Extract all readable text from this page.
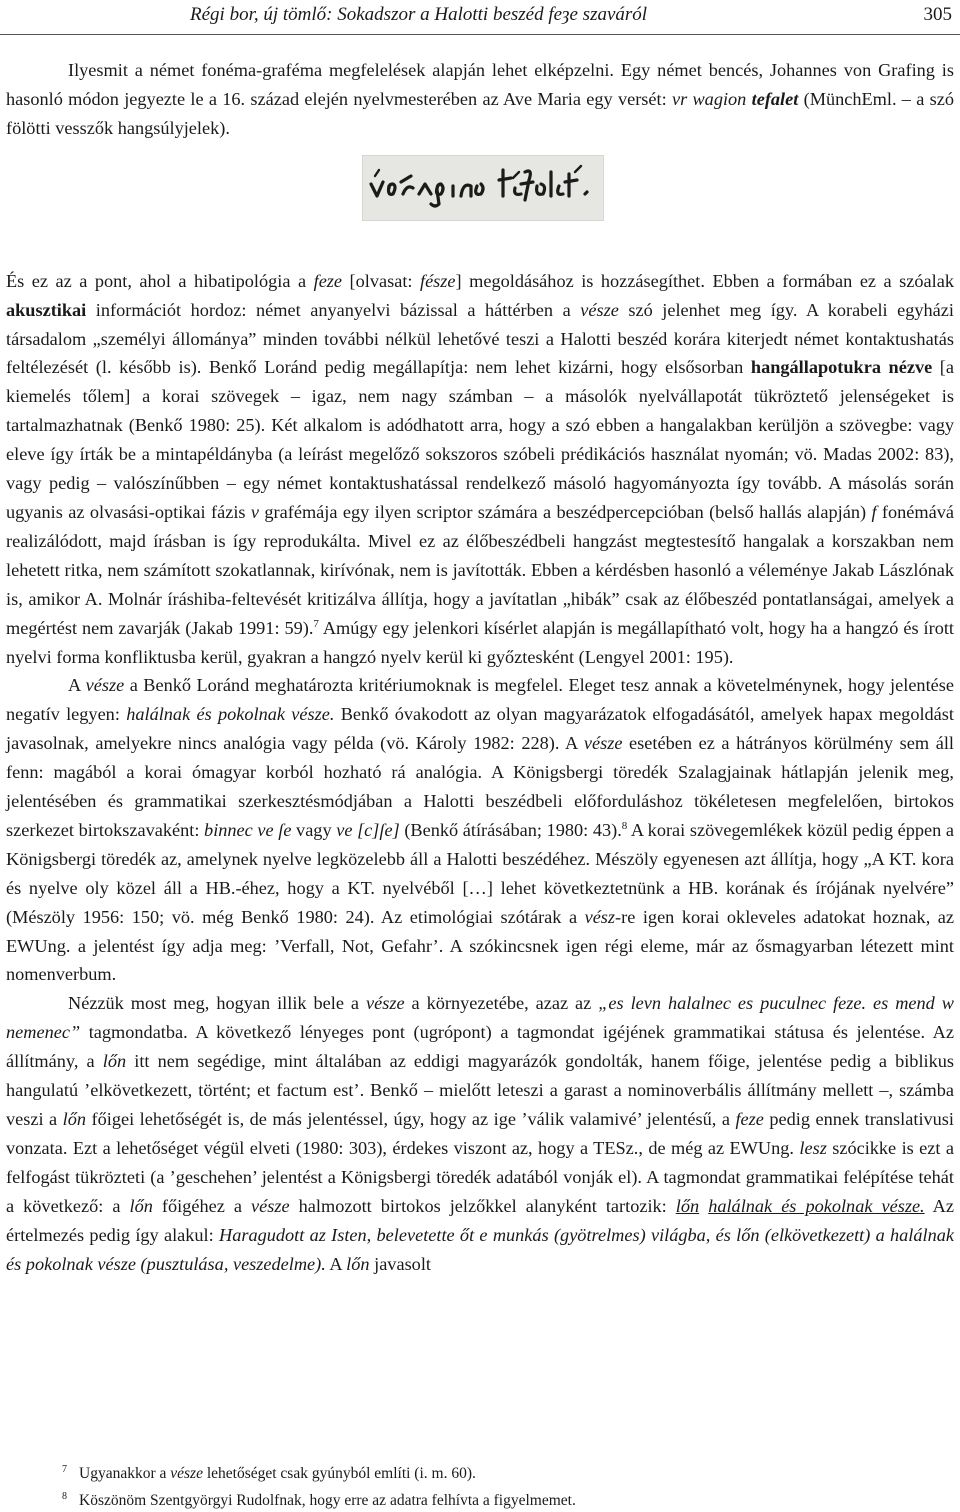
Régi bor, új tömlő: Sokadszor a Halotti beszéd feȝe szaváról	305

Ilyesmit a német fonéma-graféma megfelelések alapján lehet elképzelni. Egy német bencés, Johannes von Grafing is hasonló módon jegyezte le a 16. század elején nyelvmesterében az Ave Maria egy versét: vr wagion tefalet (MünchEml. – a szó fölötti vesszők hangsúlyjelek).

És ez az a pont, ahol a hibatipológia a feze [olvasat: fésze] megoldásához is hozzásegíthet. Ebben a formában ez a szóalak akusztikai információt hordoz: német anyanyelvi bázissal a háttérben a vésze szó jelenhet meg így. A korabeli egyházi társadalom „személyi állománya” minden további nélkül lehetővé teszi a Halotti beszéd korára kiterjedt német kontaktushatás feltélezését (l. később is). Benkő Loránd pedig megállapítja: nem lehet kizárni, hogy elsősorban hangállapotukra nézve [a kiemelés tőlem] a korai szövegek – igaz, nem nagy számban – a másolók nyelvállapotát tükröztető jelenségeket is tartalmazhatnak (Benkő 1980: 25). Két alkalom is adódhatott arra, hogy a szó ebben a hangalakban kerüljön a szövegbe: vagy eleve így írták be a mintapéldányba (a leírást megelőző sokszoros szóbeli prédikációs használat nyomán; vö. Madas 2002: 83), vagy pedig – valószínűbben – egy német kontaktushatással rendelkező másoló hagyományozta így tovább. A másolás során ugyanis az olvasási-optikai fázis v grafémája egy ilyen scriptor számára a beszédpercepcióban (belső hallás alapján) f fonémává realizálódott, majd írásban is így reprodukálta. Mivel ez az élőbeszédbeli hangzást megtestesítő hangalak a korszakban nem lehetett ritka, nem számított szokatlannak, kirívónak, nem is javították. Ebben a kérdésben hasonló a véleménye Jakab Lászlónak is, amikor A. Molnár íráshiba-feltevését kritizálva állítja, hogy a javítatlan „hibák” csak az élőbeszéd pontatlanságai, amelyek a megértést nem zavarják (Jakab 1991: 59).$^7$ Amúgy egy jelenkori kísérlet alapján is megállapítható volt, hogy ha a hangzó és írott nyelvi forma konfliktusba kerül, gyakran a hangzó nyelv kerül ki győztesként (Lengyel 2001: 195).

A vésze a Benkő Loránd meghatározta kritériumoknak is megfelel. Eleget tesz annak a követelménynek, hogy jelentése negatív legyen: halálnak és pokolnak vésze. Benkő óvakodott az olyan magyarázatok elfogadásától, amelyek hapax megoldást javasolnak, amelyekre nincs analógia vagy példa (vö. Károly 1982: 228). A vésze esetében ez a hátrányos körülmény sem áll fenn: magából a korai ómagyar korból hozható rá analógia. A Königsbergi töredék Szalagjainak hátlapján jelenik meg, jelentésében és grammatikai szerkesztésmódjában a Halotti beszédbeli előforduláshoz tökéletesen megfelelően, birtokos szerkezet birtokszavaként: binnec ve ſe vagy ve [c]ſe] (Benkő átírásában; 1980: 43).$^8$ A korai szövegemlékek közül pedig éppen a Königsbergi töredék az, amelynek nyelve legközelebb áll a Halotti beszédéhez. Mészöly egyenesen azt állítja, hogy „A KT. kora és nyelve oly közel áll a HB.-éhez, hogy a KT. nyelvéből […] lehet következtetnünk a HB. korának és írójának nyelvére” (Mészöly 1956: 150; vö. még Benkő 1980: 24). Az etimológiai szótárak a vész-re igen korai okleveles adatokat hoznak, az EWUng. a jelentést így adja meg: ’Verfall, Not, Gefahr’. A szókincsnek igen régi eleme, már az ősmagyarban létezett mint nomenverbum.

Nézzük most meg, hogyan illik bele a vésze a környezetébe, azaz az „es levn halalnec es puculnec feze. es mend w nemenec” tagmondatba. A következő lényeges pont (ugrópont) a tagmondat igéjének grammatikai státusa és jelentése. Az állítmány, a lőn itt nem segédige, mint általában az eddigi magyarázók gondolták, hanem főige, jelentése pedig a biblikus hangulatú ’elkövetkezett, történt; et factum est’. Benkő – mielőtt leteszi a garast a nominoverbális állítmány mellett –, számba veszi a lőn főigei lehetőségét is, de más jelentéssel, úgy, hogy az ige ’válik valamivé’ jelentésű, a feze pedig ennek translativusi vonzata. Ezt a lehetőséget végül elveti (1980: 303), érdekes viszont az, hogy a TESz., de még az EWUng. lesz szócikke is ezt a felfogást tükrözteti (a ’geschehen’ jelentést a Königsbergi töredék adatából vonják el). A tagmondat grammatikai felépítése tehát a következő: a lőn főigéhez a vésze halmozott birtokos jelzőkkel alanyként tartozik: lőn halálnak és pokolnak vésze. Az értelmezés pedig így alakul: Haragudott az Isten, belevetette őt e munkás (gyötrelmes) világba, és lőn (elkövetkezett) a halálnak és pokolnak vésze (pusztulása, veszedelme). A lőn javasolt

$^7$ Ugyanakkor a vésze lehetőséget csak gyúnyból említi (i. m. 60).
$^8$ Köszönöm Szentgyörgyi Rudolfnak, hogy erre az adatra felhívta a figyelmemet.
